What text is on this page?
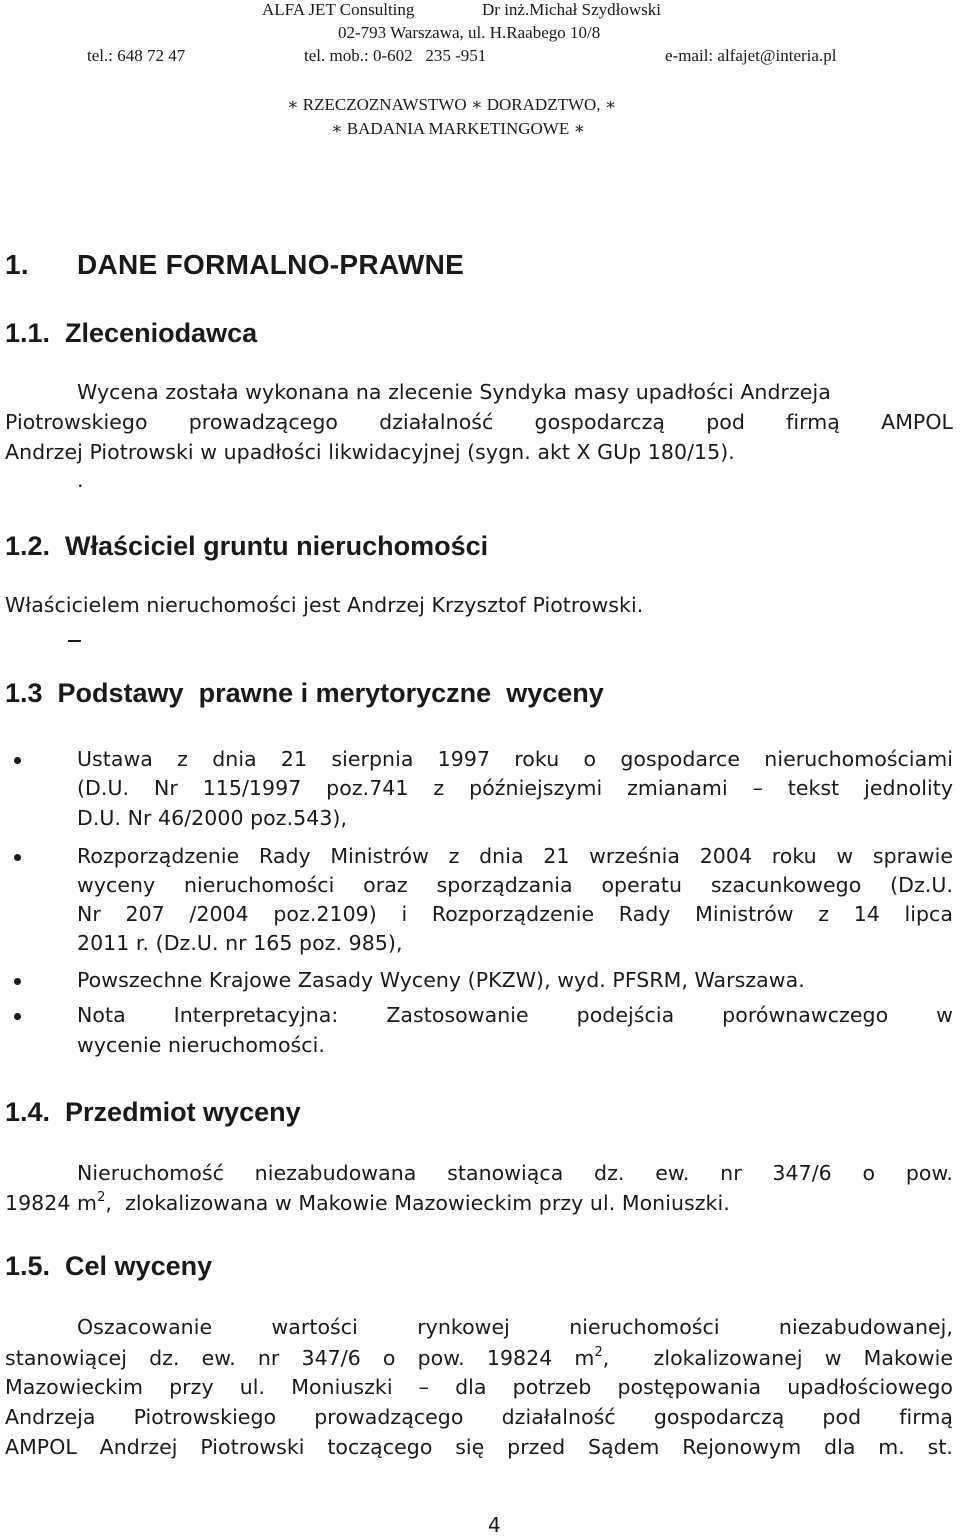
ALFA JET Consulting	Dr inż.Michał Szydłowski
02-793 Warszawa, ul. H.Raabego 10/8
tel.: 648 72 47	tel. mob.: 0-602   235 -951	e-mail: alfajet@interia.pl
∗ RZECZOZNAWSTWO ∗ DORADZTWO, ∗
∗ BADANIA MARKETINGOWE ∗
1. DANE FORMALNO-PRAWNE
1.1.  Zleceniodawca
Wycena została wykonana na zlecenie Syndyka masy upadłości Andrzeja
Piotrowskiego prowadzącego działalność gospodarczą pod firmą AMPOL
Andrzej Piotrowski w upadłości likwidacyjnej (sygn. akt X GUp 180/15).
.
1.2.  Właściciel gruntu nieruchomości
Właścicielem nieruchomości jest Andrzej Krzysztof Piotrowski.
1.3  Podstawy  prawne i merytoryczne  wyceny
Ustawa z dnia 21 sierpnia 1997 roku o gospodarce nieruchomościami
(D.U. Nr 115/1997 poz.741 z późniejszymi zmianami – tekst jednolity
D.U. Nr 46/2000 poz.543),
Rozporządzenie Rady Ministrów z dnia 21 września 2004 roku w sprawie
wyceny nieruchomości oraz sporządzania operatu szacunkowego (Dz.U.
Nr 207 /2004 poz.2109) i Rozporządzenie Rady Ministrów z 14 lipca
2011 r. (Dz.U. nr 165 poz. 985),
Powszechne Krajowe Zasady Wyceny (PKZW), wyd. PFSRM, Warszawa.
Nota Interpretacyjna: Zastosowanie podejścia porównawczego w
wycenie nieruchomości.
1.4.  Przedmiot wyceny
Nieruchomość niezabudowana stanowiąca dz. ew. nr 347/6 o pow.
19824 $m^2$,  zlokalizowana w Makowie Mazowieckim przy ul. Moniuszki.
1.5.  Cel wyceny
Oszacowanie wartości rynkowej nieruchomości niezabudowanej,
stanowiącej dz. ew. nr 347/6 o pow. 19824 $m^2$,  zlokalizowanej w Makowie
Mazowieckim przy ul. Moniuszki – dla potrzeb postępowania upadłościowego
Andrzeja Piotrowskiego prowadzącego działalność gospodarczą pod firmą
AMPOL Andrzej Piotrowski toczącego się przed Sądem Rejonowym dla m. st.
4
